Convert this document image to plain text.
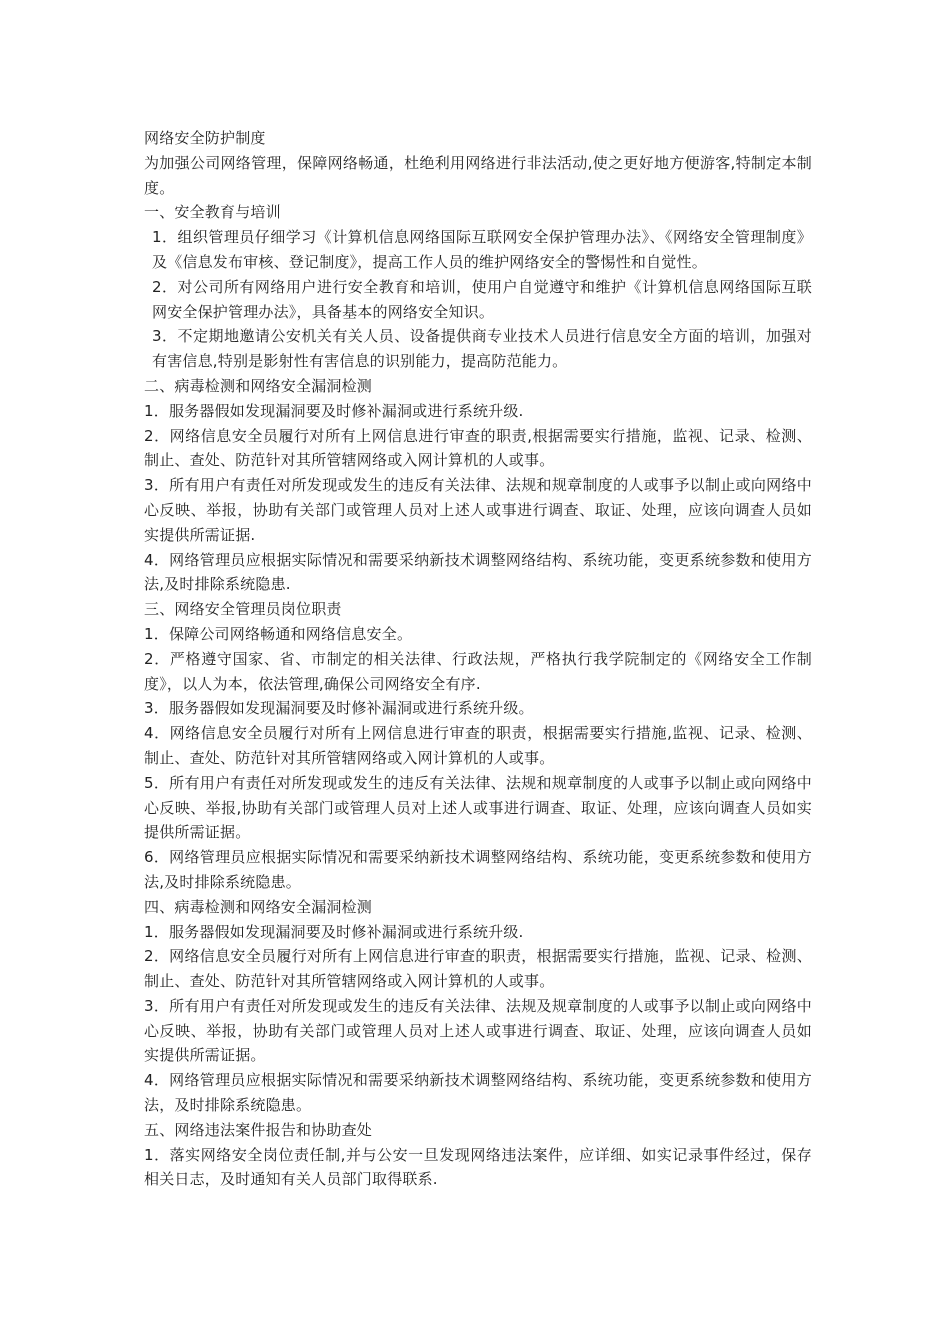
网络安全防护制度

为加强公司网络管理，保障网络畅通，杜绝利用网络进行非法活动,使之更好地方便游客,特制定本制度。

一、安全教育与培训

1．组织管理员仔细学习《计算机信息网络国际互联网安全保护管理办法》、《网络安全管理制度》及《信息发布审核、登记制度》，提高工作人员的维护网络安全的警惕性和自觉性。

2．对公司所有网络用户进行安全教育和培训，使用户自觉遵守和维护《计算机信息网络国际互联网安全保护管理办法》，具备基本的网络安全知识。

3．不定期地邀请公安机关有关人员、设备提供商专业技术人员进行信息安全方面的培训，加强对有害信息,特别是影射性有害信息的识别能力，提高防范能力。

二、病毒检测和网络安全漏洞检测

1．服务器假如发现漏洞要及时修补漏洞或进行系统升级.

2．网络信息安全员履行对所有上网信息进行审查的职责,根据需要实行措施，监视、记录、检测、制止、查处、防范针对其所管辖网络或入网计算机的人或事。

3．所有用户有责任对所发现或发生的违反有关法律、法规和规章制度的人或事予以制止或向网络中心反映、举报，协助有关部门或管理人员对上述人或事进行调查、取证、处理，应该向调查人员如实提供所需证据.

4．网络管理员应根据实际情况和需要采纳新技术调整网络结构、系统功能，变更系统参数和使用方法,及时排除系统隐患.

三、网络安全管理员岗位职责

1．保障公司网络畅通和网络信息安全。

2．严格遵守国家、省、市制定的相关法律、行政法规，严格执行我学院制定的《网络安全工作制度》，以人为本，依法管理,确保公司网络安全有序.

3．服务器假如发现漏洞要及时修补漏洞或进行系统升级。

4．网络信息安全员履行对所有上网信息进行审查的职责，根据需要实行措施,监视、记录、检测、制止、查处、防范针对其所管辖网络或入网计算机的人或事。

5．所有用户有责任对所发现或发生的违反有关法律、法规和规章制度的人或事予以制止或向网络中心反映、举报,协助有关部门或管理人员对上述人或事进行调查、取证、处理，应该向调查人员如实提供所需证据。

6．网络管理员应根据实际情况和需要采纳新技术调整网络结构、系统功能，变更系统参数和使用方法,及时排除系统隐患。

四、病毒检测和网络安全漏洞检测

1．服务器假如发现漏洞要及时修补漏洞或进行系统升级.

2．网络信息安全员履行对所有上网信息进行审查的职责，根据需要实行措施，监视、记录、检测、制止、查处、防范针对其所管辖网络或入网计算机的人或事。

3．所有用户有责任对所发现或发生的违反有关法律、法规及规章制度的人或事予以制止或向网络中心反映、举报，协助有关部门或管理人员对上述人或事进行调查、取证、处理，应该向调查人员如实提供所需证据。

4．网络管理员应根据实际情况和需要采纳新技术调整网络结构、系统功能，变更系统参数和使用方法，及时排除系统隐患。

五、网络违法案件报告和协助查处

1．落实网络安全岗位责任制,并与公安一旦发现网络违法案件，应详细、如实记录事件经过，保存相关日志，及时通知有关人员部门取得联系.
